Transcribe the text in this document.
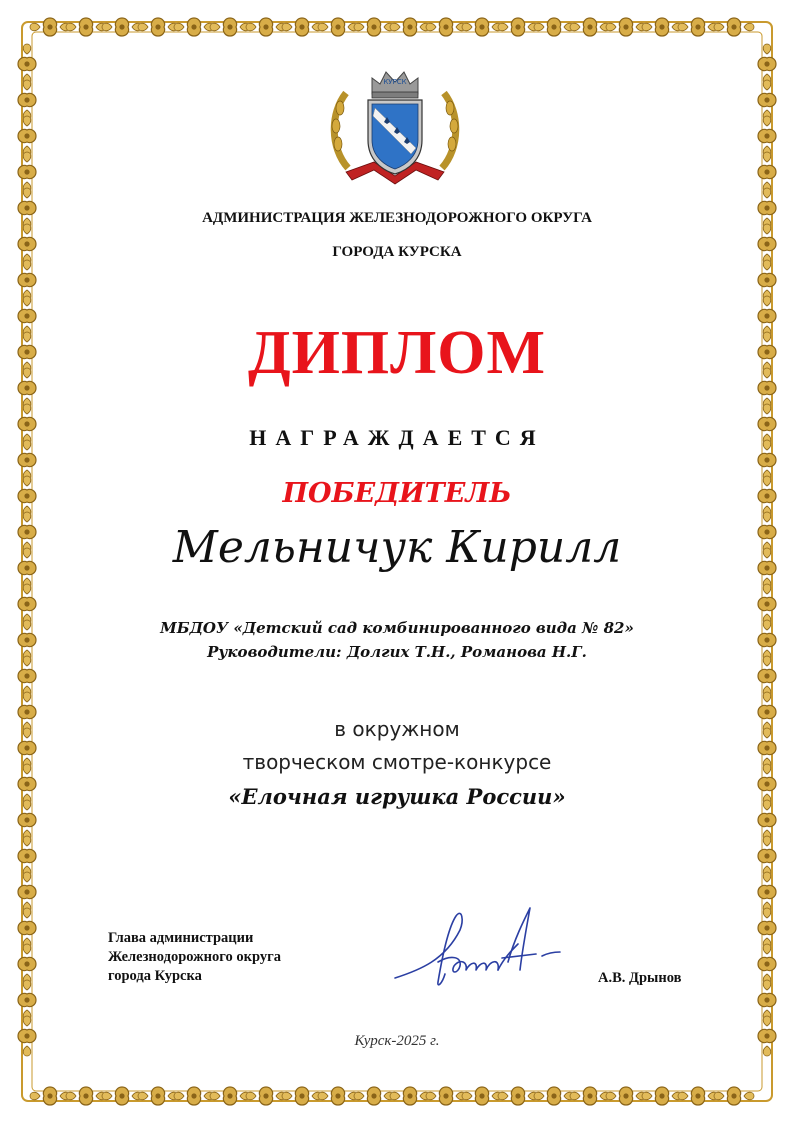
КУРСК
АДМИНИСТРАЦИЯ ЖЕЛЕЗНОДОРОЖНОГО ОКРУГА
ГОРОДА КУРСКА
ДИПЛОМ
НАГРАЖДАЕТСЯ
ПОБЕДИТЕЛЬ
Мельничук Кирилл
МБДОУ «Детский сад комбинированного вида № 82»
Руководители: Долгих Т.Н., Романова Н.Г.
в окружном
творческом смотре-конкурсе
«Елочная игрушка России»
Глава администрации
Железнодорожного округа
города Курска	А.В. Дрынов
Курск-2025 г.
